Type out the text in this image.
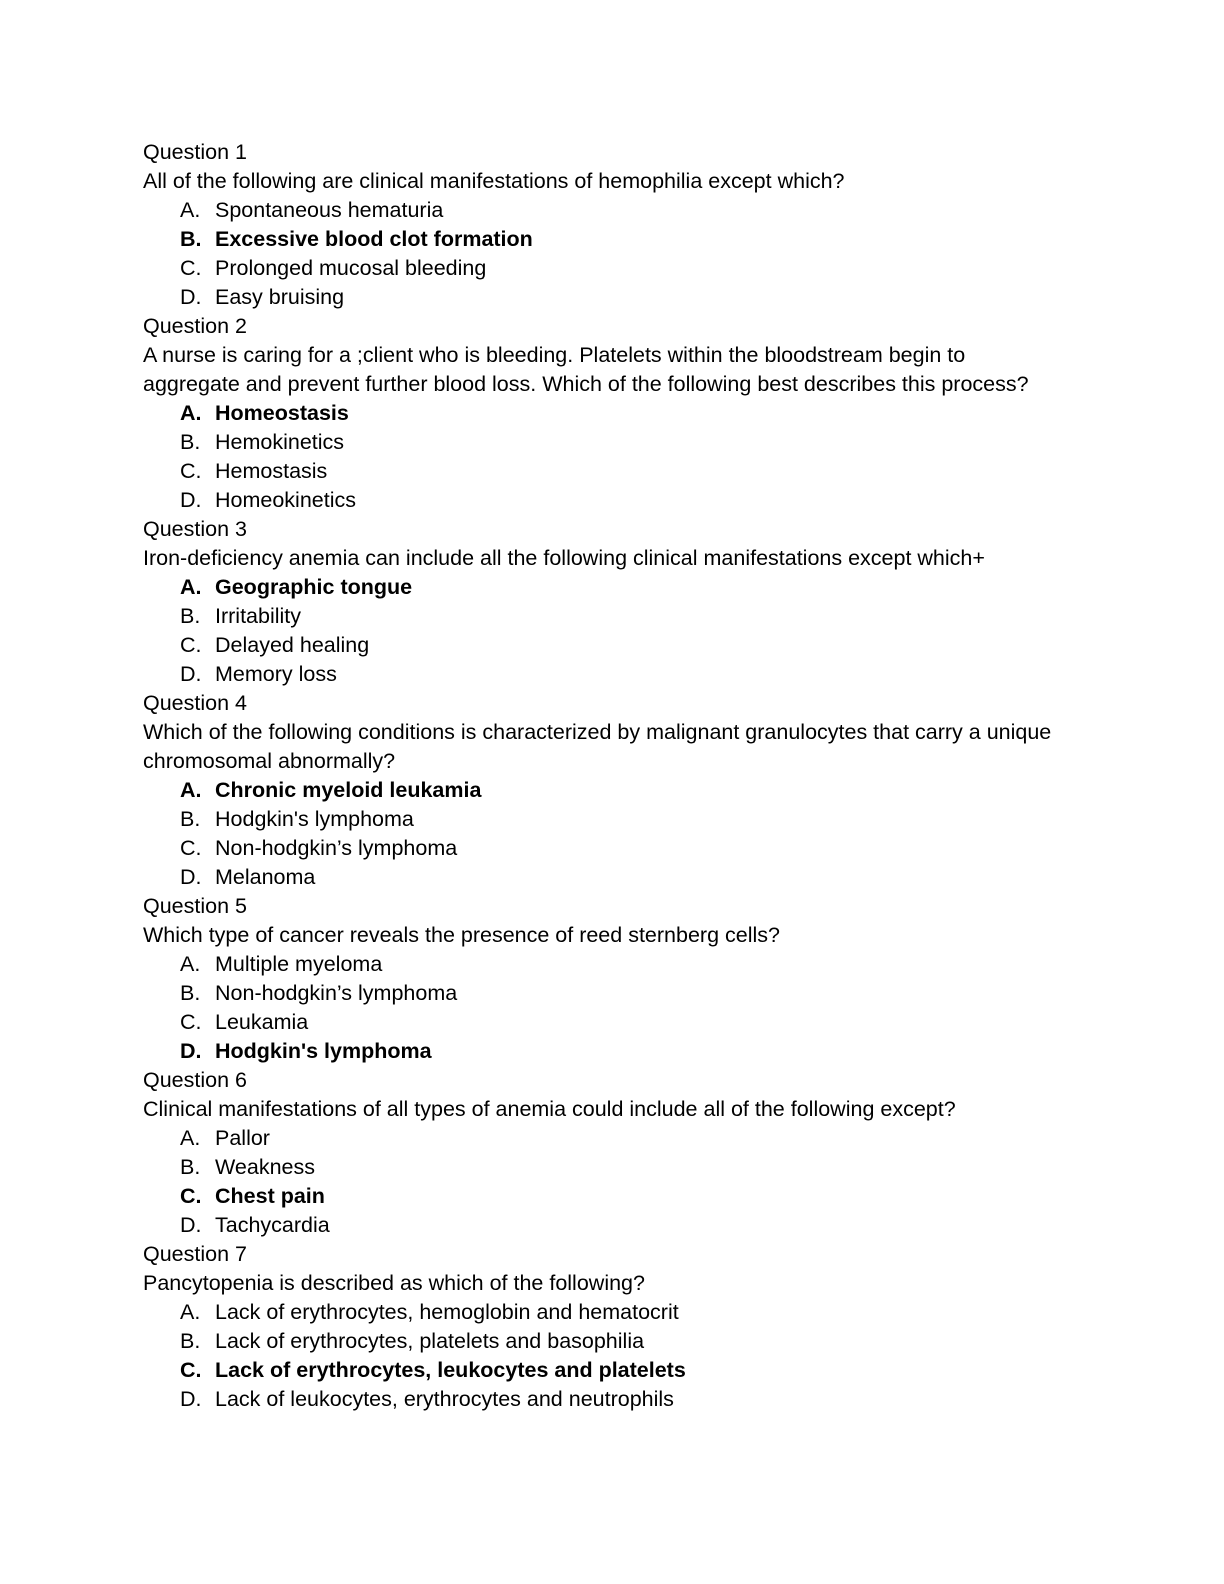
Question 1
All of the following are clinical manifestations of hemophilia except which?
A. Spontaneous hematuria
B. Excessive blood clot formation
C. Prolonged mucosal bleeding
D. Easy bruising
Question 2
A nurse is caring for a ;client who is bleeding. Platelets within the bloodstream begin to aggregate and prevent further blood loss. Which of the following best describes this process?
A. Homeostasis
B. Hemokinetics
C. Hemostasis
D. Homeokinetics
Question 3
Iron-deficiency anemia can include all the following clinical manifestations except which+
A. Geographic tongue
B. Irritability
C. Delayed healing
D. Memory loss
Question 4
Which of the following conditions is characterized by malignant granulocytes that carry a unique chromosomal abnormally?
A. Chronic myeloid leukamia
B. Hodgkin's lymphoma
C. Non-hodgkin’s lymphoma
D. Melanoma
Question 5
Which type of cancer reveals the presence of reed sternberg cells?
A. Multiple myeloma
B. Non-hodgkin’s lymphoma
C. Leukamia
D. Hodgkin's lymphoma
Question 6
Clinical manifestations of all types of anemia could include all of the following except?
A. Pallor
B. Weakness
C. Chest pain
D. Tachycardia
Question 7
Pancytopenia is described as which of the following?
A. Lack of erythrocytes, hemoglobin and hematocrit
B. Lack of erythrocytes, platelets and basophilia
C. Lack of erythrocytes, leukocytes and platelets
D. Lack of leukocytes, erythrocytes and neutrophils
